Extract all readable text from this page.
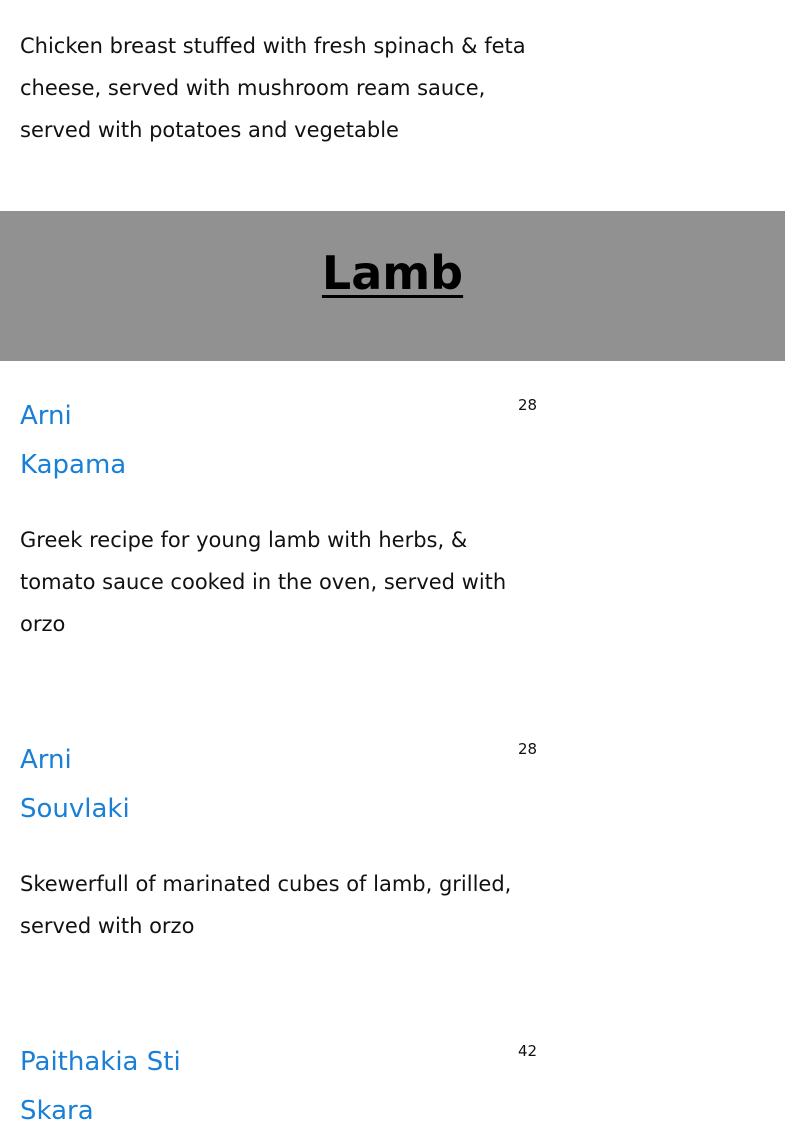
Chicken breast stuffed with fresh spinach & feta cheese, served with mushroom ream sauce, served with potatoes and vegetable

Lamb
Arni
Kapama
28

Greek recipe for young lamb with herbs, & tomato sauce cooked in the oven, served with orzo

Arni
Souvlaki
28

Skewerfull of marinated cubes of lamb, grilled, served with orzo

Paithakia Sti
Skara
42
